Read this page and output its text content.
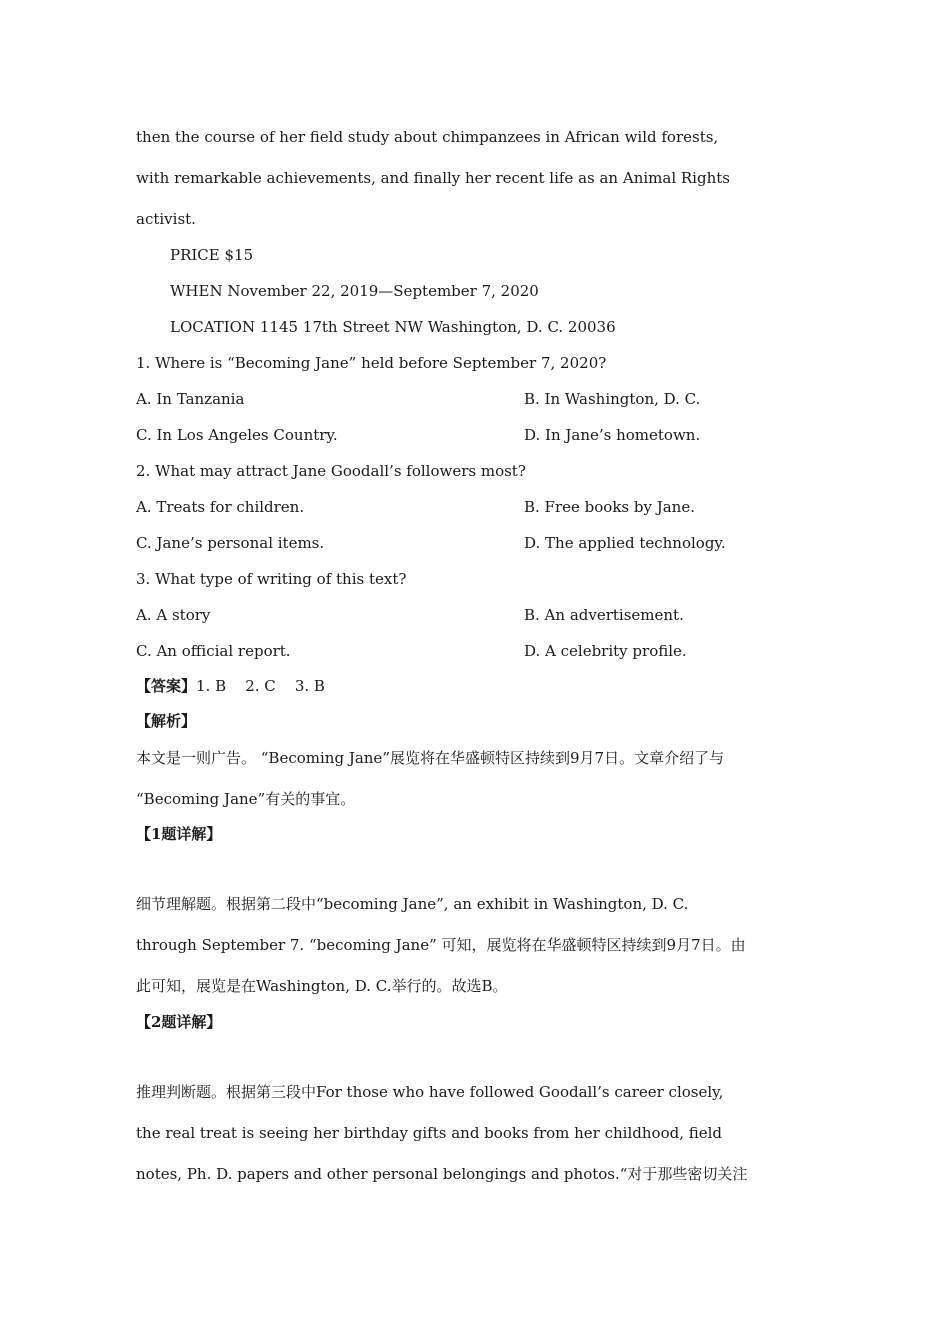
then the course of her field study about chimpanzees in African wild forests,
with remarkable achievements, and finally her recent life as an Animal Rights
activist.
PRICE $15
WHEN November 22, 2019—September 7, 2020
LOCATION 1145 17th Street NW Washington, D. C. 20036
1. Where is “Becoming Jane” held before September 7, 2020?
A. In Tanzania	B. In Washington, D. C.
C. In Los Angeles Country.	D. In Jane’s hometown.
2. What may attract Jane Goodall’s followers most?
A. Treats for children.	B. Free books by Jane.
C. Jane’s personal items.	D. The applied technology.
3. What type of writing of this text?
A. A story	B. An advertisement.
C. An official report.	D. A celebrity profile.
【答案】1. B    2. C    3. B
【解析】
本文是一则广告。 “Becoming Jane”展览将在华盛顿特区持续到9月7日。文章介绍了与
“Becoming Jane”有关的事宜。
【1题详解】
细节理解题。根据第二段中“becoming Jane”, an exhibit in Washington, D. C.
through September 7. “becoming Jane” 可知，展览将在华盛顿特区持续到9月7日。由
此可知，展览是在Washington, D. C.举行的。故选B。
【2题详解】
推理判断题。根据第三段中For those who have followed Goodall’s career closely,
the real treat is seeing her birthday gifts and books from her childhood, field
notes, Ph. D. papers and other personal belongings and photos.“对于那些密切关注
